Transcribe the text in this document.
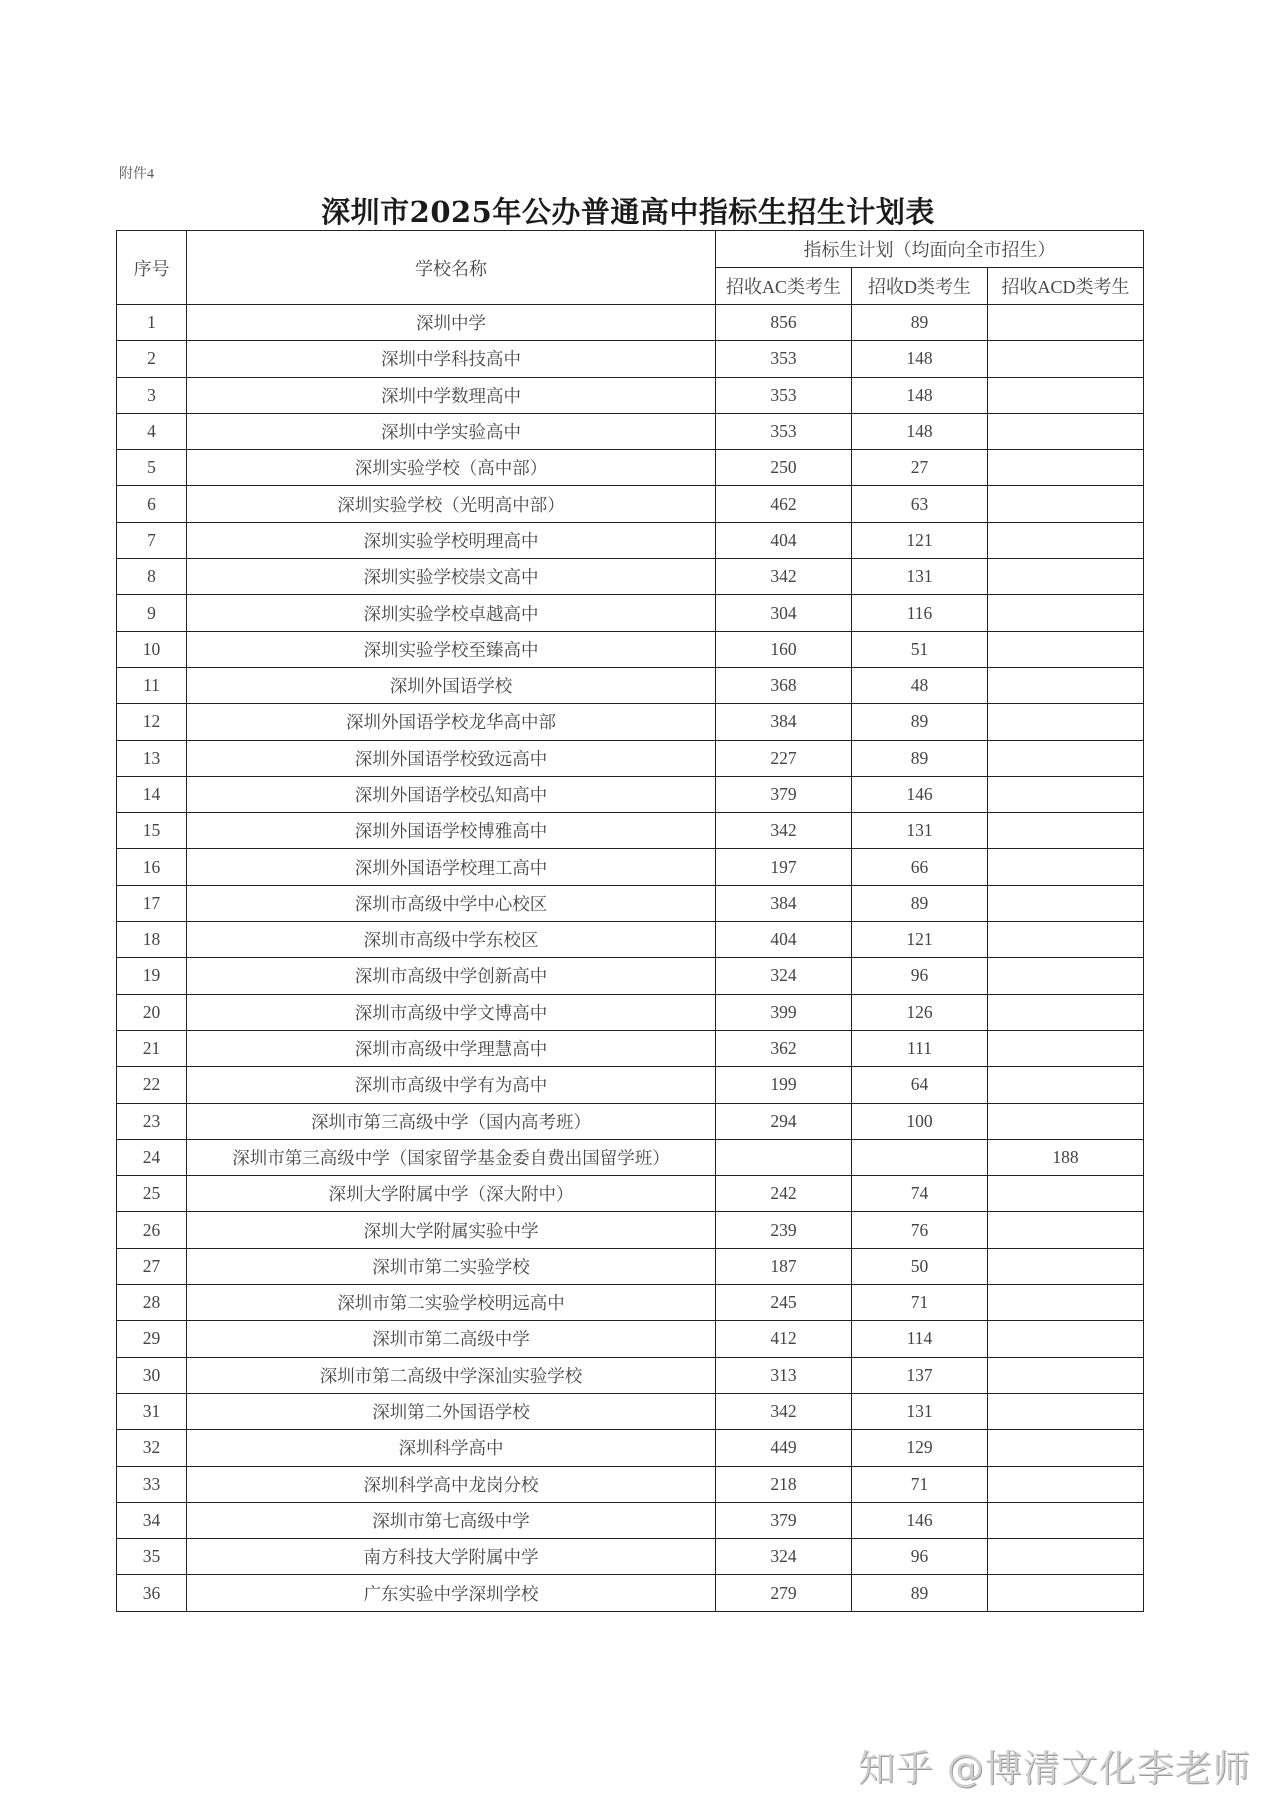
附件4
深圳市2025年公办普通高中指标生招生计划表
序号	学校名称	指标生计划（均面向全市招生）		
		招收AC类考生	招收D类考生	招收ACD类考生
1	深圳中学	856	89	
2	深圳中学科技高中	353	148	
3	深圳中学数理高中	353	148	
4	深圳中学实验高中	353	148	
5	深圳实验学校（高中部）	250	27	
6	深圳实验学校（光明高中部）	462	63	
7	深圳实验学校明理高中	404	121	
8	深圳实验学校崇文高中	342	131	
9	深圳实验学校卓越高中	304	116	
10	深圳实验学校至臻高中	160	51	
11	深圳外国语学校	368	48	
12	深圳外国语学校龙华高中部	384	89	
13	深圳外国语学校致远高中	227	89	
14	深圳外国语学校弘知高中	379	146	
15	深圳外国语学校博雅高中	342	131	
16	深圳外国语学校理工高中	197	66	
17	深圳市高级中学中心校区	384	89	
18	深圳市高级中学东校区	404	121	
19	深圳市高级中学创新高中	324	96	
20	深圳市高级中学文博高中	399	126	
21	深圳市高级中学理慧高中	362	111	
22	深圳市高级中学有为高中	199	64	
23	深圳市第三高级中学（国内高考班）	294	100	
24	深圳市第三高级中学（国家留学基金委自费出国留学班）			188
25	深圳大学附属中学（深大附中）	242	74	
26	深圳大学附属实验中学	239	76	
27	深圳市第二实验学校	187	50	
28	深圳市第二实验学校明远高中	245	71	
29	深圳市第二高级中学	412	114	
30	深圳市第二高级中学深汕实验学校	313	137	
31	深圳第二外国语学校	342	131	
32	深圳科学高中	449	129	
33	深圳科学高中龙岗分校	218	71	
34	深圳市第七高级中学	379	146	
35	南方科技大学附属中学	324	96	
36	广东实验中学深圳学校	279	89	
知乎 @博清文化李老师
